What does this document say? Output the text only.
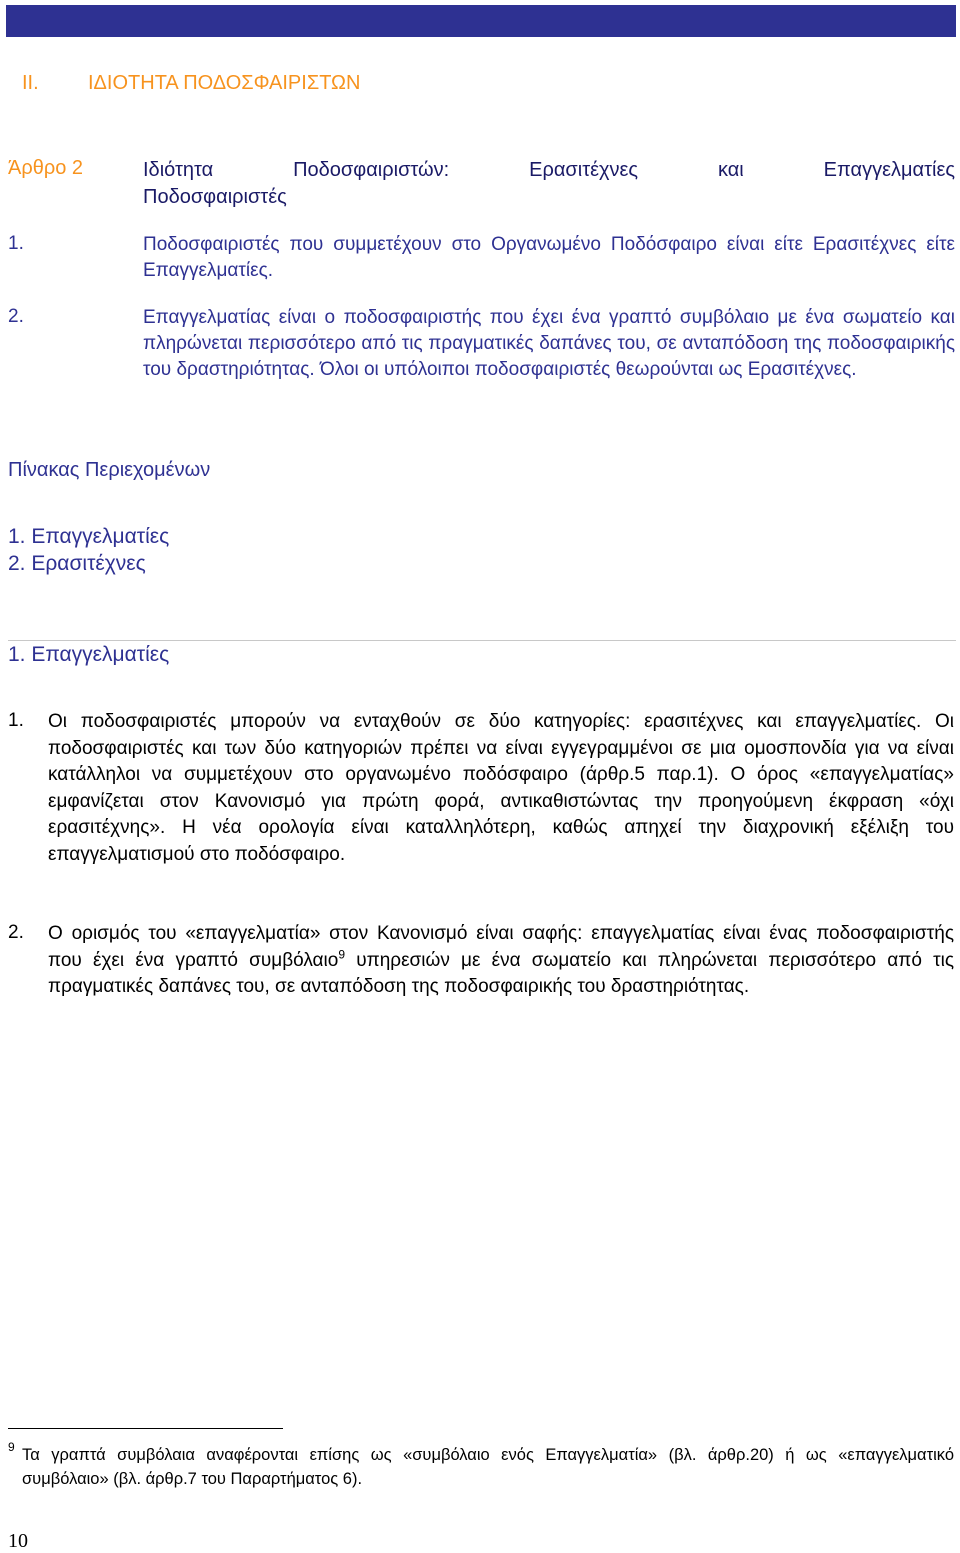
II. ΙΔΙΟΤΗΤΑ ΠΟΔΟΣΦΑΙΡΙΣΤΩΝ
Άρθρο 2	Ιδιότητα Ποδοσφαιριστών: Ερασιτέχνες και Επαγγελματίες
Ποδοσφαιριστές
1.	Ποδοσφαιριστές που συμμετέχουν στο Οργανωμένο Ποδόσφαιρο είναι είτε Ερασιτέχνες είτε Επαγγελματίες.
2.	Επαγγελματίας είναι ο ποδοσφαιριστής που έχει ένα γραπτό συμβόλαιο με ένα σωματείο και πληρώνεται περισσότερο από τις πραγματικές δαπάνες του, σε ανταπόδοση της ποδοσφαιρικής του δραστηριότητας. Όλοι οι υπόλοιποι ποδοσφαιριστές θεωρούνται ως Ερασιτέχνες.
Πίνακας Περιεχομένων
1. Επαγγελματίες
2. Ερασιτέχνες
1. Επαγγελματίες
1. Οι ποδοσφαιριστές μπορούν να ενταχθούν σε δύο κατηγορίες: ερασιτέχνες και επαγγελματίες. Οι ποδοσφαιριστές και των δύο κατηγοριών πρέπει να είναι εγγεγραμμένοι σε μια ομοσπονδία για να είναι κατάλληλοι να συμμετέχουν στο οργανωμένο ποδόσφαιρο (άρθρ.5 παρ.1). Ο όρος «επαγγελματίας» εμφανίζεται στον Κανονισμό για πρώτη φορά, αντικαθιστώντας την προηγούμενη έκφραση «όχι ερασιτέχνης». Η νέα ορολογία είναι καταλληλότερη, καθώς απηχεί την διαχρονική εξέλιξη του επαγγελματισμού στο ποδόσφαιρο.
2. Ο ορισμός του «επαγγελματία» στον Κανονισμό είναι σαφής: επαγγελματίας είναι ένας ποδοσφαιριστής που έχει ένα γραπτό συμβόλαιο$^9$ υπηρεσιών με ένα σωματείο και πληρώνεται περισσότερο από τις πραγματικές δαπάνες του, σε ανταπόδοση της ποδοσφαιρικής του δραστηριότητας.
9 Τα γραπτά συμβόλαια αναφέρονται επίσης ως «συμβόλαιο ενός Επαγγελματία» (βλ. άρθρ.20) ή ως «επαγγελματικό συμβόλαιο» (βλ. άρθρ.7 του Παραρτήματος 6).
10
